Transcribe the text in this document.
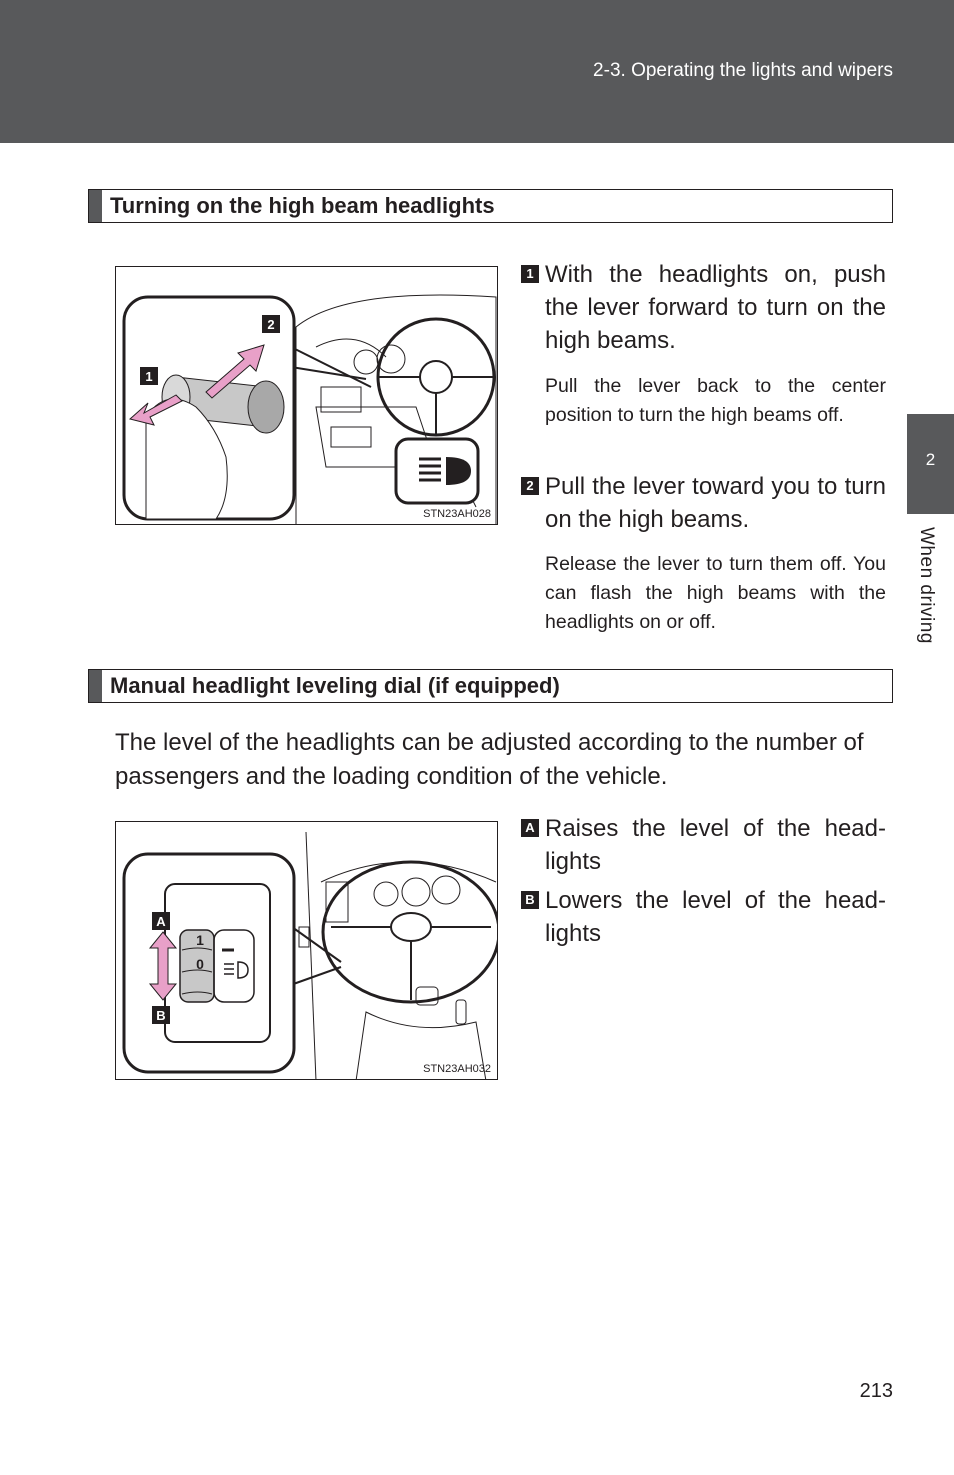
2-3. Operating the lights and wipers
2
When driving
Turning on the high beam headlights
2
1
STN23AH028
1 With the headlights on, push the lever forward to turn on the high beams.
Pull the lever back to the center position to turn the high beams off.
2 Pull the lever toward you to turn on the high beams.
Release the lever to turn them off. You can flash the high beams with the headlights on or off.
Manual headlight leveling dial (if equipped)
The level of the headlights can be adjusted according to the number of passengers and the loading condition of the vehicle.
1
0
A
B
STN23AH032
A Raises the level of the head-lights
B Lowers the level of the head-lights
213
